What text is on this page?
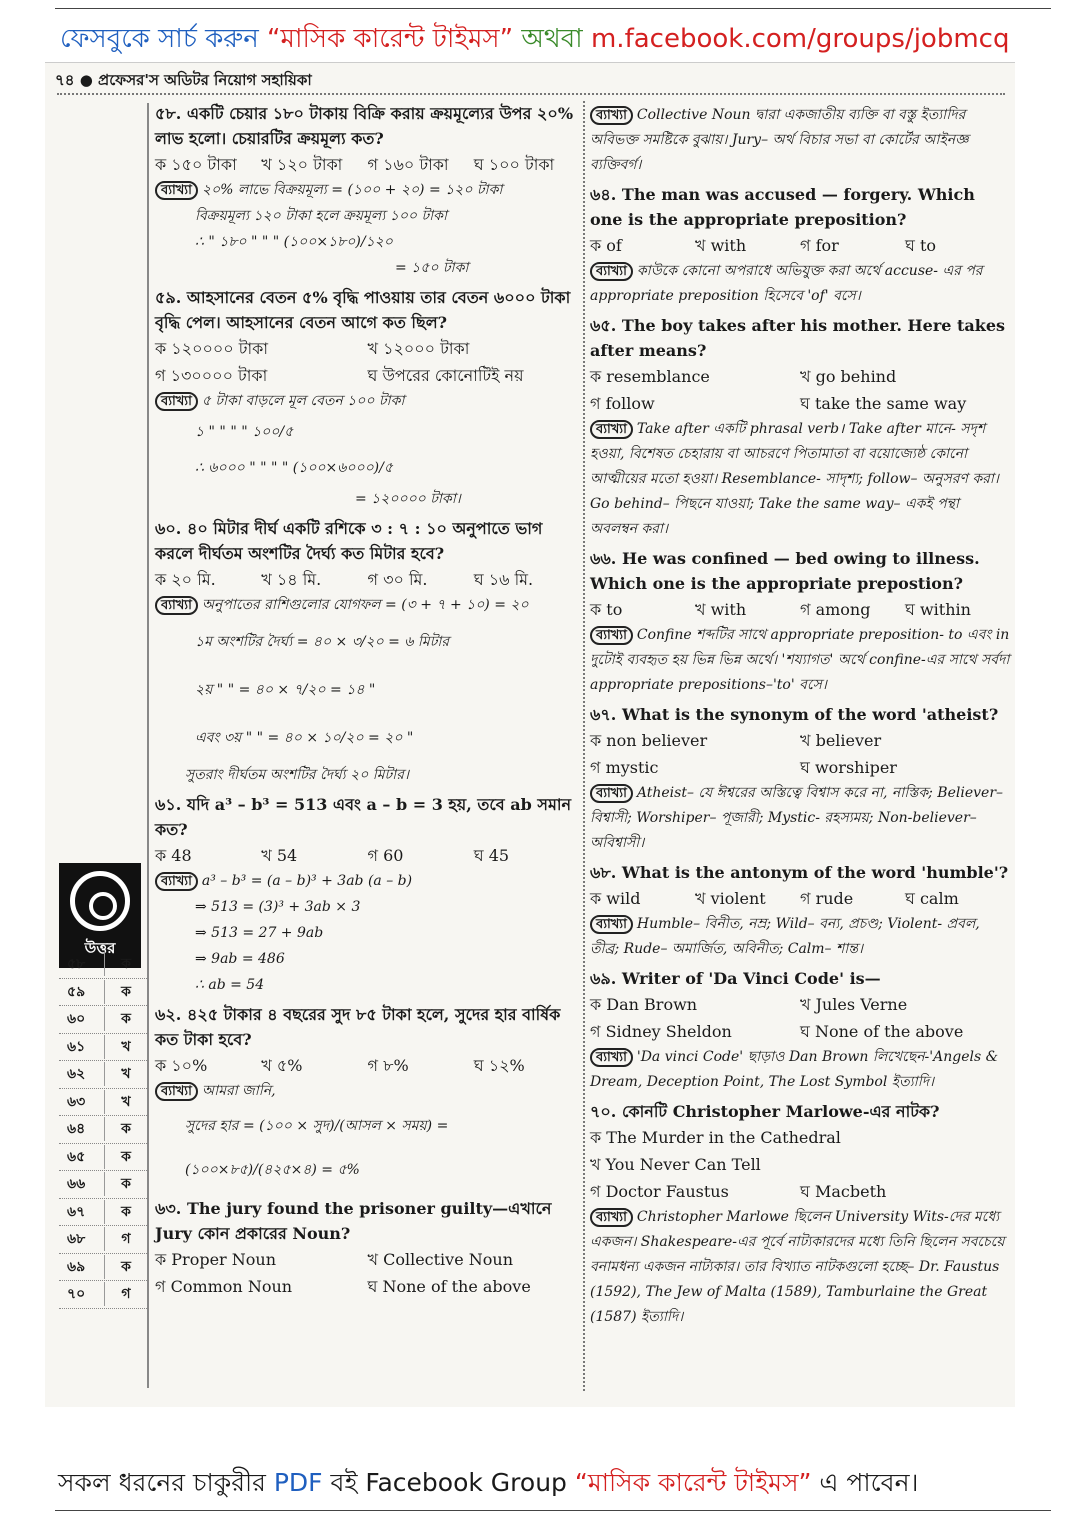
ফেসবুকে সার্চ করুন “মাসিক কারেন্ট টাইমস” অথবা m.facebook.com/groups/jobmcq
৭৪ ● প্রফেসর'স অডিটর নিয়োগ সহায়িকা
উত্তর
৫৮	ক
৫৯	ক
৬০	ক
৬১	খ
৬২	খ
৬৩	খ
৬৪	ক
৬৫	ক
৬৬	ক
৬৭	ক
৬৮	গ
৬৯	ক
৭০	গ
৫৮. একটি চেয়ার ১৮০ টাকায় বিক্রি করায় ক্রয়মূল্যের উপর ২০% লাভ হলো। চেয়ারটির ক্রয়মূল্য কত?
ক ১৫০ টাকা	খ ১২০ টাকা	গ ১৬০ টাকা	ঘ ১০০ টাকা
ব্যাখ্যা ২০% লাভে বিক্রয়মূল্য = (১০০ + ২০) = ১২০ টাকা
বিক্রয়মূল্য ১২০ টাকা হলে ক্রয়মূল্য ১০০ টাকা
∴ " ১৮০ " " " (১০০×১৮০)/১২০
= ১৫০ টাকা
৫৯. আহসানের বেতন ৫% বৃদ্ধি পাওয়ায় তার বেতন ৬০০০ টাকা বৃদ্ধি পেল। আহসানের বেতন আগে কত ছিল?
ক ১২০০০০ টাকা	খ ১২০০০ টাকা
গ ১৩০০০০ টাকা	ঘ উপরের কোনোটিই নয়
ব্যাখ্যা ৫ টাকা বাড়লে মূল বেতন ১০০ টাকা
১ " " " " ১০০/৫
∴ ৬০০০ " " " " (১০০×৬০০০)/৫
= ১২০০০০ টাকা।
৬০. ৪০ মিটার দীর্ঘ একটি রশিকে ৩ : ৭ : ১০ অনুপাতে ভাগ করলে দীর্ঘতম অংশটির দৈর্ঘ্য কত মিটার হবে?
ক ২০ মি.	খ ১৪ মি.	গ ৩০ মি.	ঘ ১৬ মি.
ব্যাখ্যা অনুপাতের রাশিগুলোর যোগফল = (৩ + ৭ + ১০) = ২০
১ম অংশটির দৈর্ঘ্য = ৪০ × ৩/২০ = ৬ মিটার
২য় " " = ৪০ × ৭/২০ = ১৪ "
এবং ৩য় " " = ৪০ × ১০/২০ = ২০ "
সুতরাং দীর্ঘতম অংশটির দৈর্ঘ্য ২০ মিটার।
৬১. যদি a³ – b³ = 513 এবং a – b = 3 হয়, তবে ab সমান কত?
ক 48	খ 54	গ 60	ঘ 45
ব্যাখ্যা a³ – b³ = (a – b)³ + 3ab (a – b)
⇒ 513 = (3)³ + 3ab × 3
⇒ 513 = 27 + 9ab
⇒ 9ab = 486
∴ ab = 54
৬২. ৪২৫ টাকার ৪ বছরের সুদ ৮৫ টাকা হলে, সুদের হার বার্ষিক কত টাকা হবে?
ক ১০%	খ ৫%	গ ৮%	ঘ ১২%
ব্যাখ্যা আমরা জানি,
সুদের হার = (১০০ × সুদ)/(আসল × সময়) = (১০০×৮৫)/(৪২৫×৪) = ৫%
৬৩. The jury found the prisoner guilty—এখানে Jury কোন প্রকারের Noun?
ক Proper Noun	খ Collective Noun
গ Common Noun	ঘ None of the above
ব্যাখ্যা Collective Noun দ্বারা একজাতীয় ব্যক্তি বা বস্তু ইত্যাদির অবিভক্ত সমষ্টিকে বুঝায়। Jury– অর্থ বিচার সভা বা কোর্টের আইনজ্ঞ ব্যক্তিবর্গ।
৬৪. The man was accused — forgery. Which one is the appropriate preposition?
ক of	খ with	গ for	ঘ to
ব্যাখ্যা কাউকে কোনো অপরাধে অভিযুক্ত করা অর্থে accuse- এর পর appropriate preposition হিসেবে 'of' বসে।
৬৫. The boy takes after his mother. Here takes after means?
ক resemblance	খ go behind
গ follow	ঘ take the same way
ব্যাখ্যা Take after একটি phrasal verb। Take after মানে- সদৃশ হওয়া, বিশেষত চেহারায় বা আচরণে পিতামাতা বা বয়োজ্যেষ্ঠ কোনো আত্মীয়ের মতো হওয়া। Resemblance- সাদৃশ্য; follow– অনুসরণ করা। Go behind– পিছনে যাওয়া; Take the same way– একই পন্থা অবলম্বন করা।
৬৬. He was confined — bed owing to illness. Which one is the appropriate prepostion?
ক to	খ with	গ among	ঘ within
ব্যাখ্যা Confine শব্দটির সাথে appropriate preposition- to এবং in দুটোই ব্যবহৃত হয় ভিন্ন ভিন্ন অর্থে। 'শয্যাগত' অর্থে confine-এর সাথে সর্বদা appropriate prepositions–'to' বসে।
৬৭. What is the synonym of the word 'atheist?
ক non believer	খ believer
গ mystic	ঘ worshiper
ব্যাখ্যা Atheist– যে ঈশ্বরের অস্তিত্বে বিশ্বাস করে না, নাস্তিক; Believer– বিশ্বাসী; Worshiper– পূজারী; Mystic- রহস্যময়; Non-believer– অবিশ্বাসী।
৬৮. What is the antonym of the word 'humble'?
ক wild	খ violent	গ rude	ঘ calm
ব্যাখ্যা Humble– বিনীত, নম্র; Wild– বন্য, প্রচণ্ড; Violent- প্রবল, তীব্র; Rude– অমার্জিত, অবিনীত; Calm– শান্ত।
৬৯. Writer of 'Da Vinci Code' is—
ক Dan Brown	খ Jules Verne
গ Sidney Sheldon	ঘ None of the above
ব্যাখ্যা 'Da vinci Code' ছাড়াও Dan Brown লিখেছেন-'Angels & Dream, Deception Point, The Lost Symbol ইত্যাদি।
৭০. কোনটি Christopher Marlowe-এর নাটক?
ক The Murder in the Cathedral
খ You Never Can Tell
গ Doctor Faustus	ঘ Macbeth
ব্যাখ্যা Christopher Marlowe ছিলেন University Wits-দের মধ্যে একজন। Shakespeare-এর পূর্বে নাট্যকারদের মধ্যে তিনি ছিলেন সবচেয়ে বনামধন্য একজন নাট্যকার। তার বিখ্যাত নাটকগুলো হচ্ছে– Dr. Faustus (1592), The Jew of Malta (1589), Tamburlaine the Great (1587) ইত্যাদি।
সকল ধরনের চাকুরীর PDF বই Facebook Group “মাসিক কারেন্ট টাইমস” এ পাবেন।
